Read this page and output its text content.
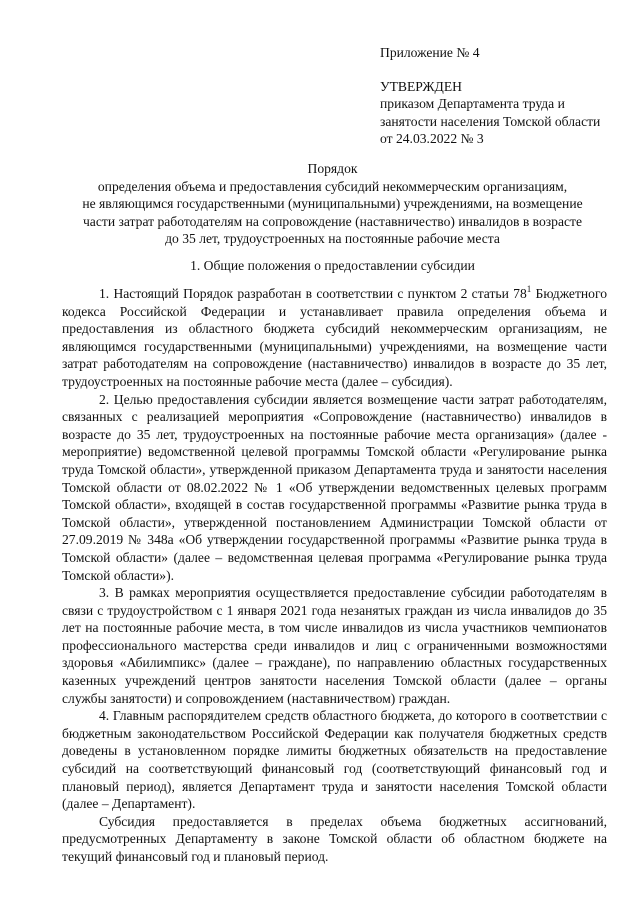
Приложение № 4
УТВЕРЖДЕН
приказом Департамента труда и
занятости населения Томской области
от 24.03.2022 № 3
Порядок
определения объема и предоставления субсидий некоммерческим организациям,
не являющимся государственными (муниципальными) учреждениями, на возмещение
части затрат работодателям на сопровождение (наставничество) инвалидов в возрасте
до 35 лет, трудоустроенных на постоянные рабочие места
1. Общие положения о предоставлении субсидии

1. Настоящий Порядок разработан в соответствии с пунктом 2 статьи $78^1$ Бюджетного кодекса Российской Федерации и устанавливает правила определения объема и предоставления из областного бюджета субсидий некоммерческим организациям, не являющимся государственными (муниципальными) учреждениями, на возмещение части затрат работодателям на сопровождение (наставничество) инвалидов в возрасте до 35 лет, трудоустроенных на постоянные рабочие места (далее – субсидия).

2. Целью предоставления субсидии является возмещение части затрат работодателям, связанных с реализацией мероприятия «Сопровождение (наставничество) инвалидов в возрасте до 35 лет, трудоустроенных на постоянные рабочие места организация» (далее - мероприятие) ведомственной целевой программы Томской области «Регулирование рынка труда Томской области», утвержденной приказом Департамента труда и занятости населения Томской области от 08.02.2022 № 1 «Об утверждении ведомственных целевых программ Томской области», входящей в состав государственной программы «Развитие рынка труда в Томской области», утвержденной постановлением Администрации Томской области от 27.09.2019 № 348а «Об утверждении государственной программы «Развитие рынка труда в Томской области» (далее – ведомственная целевая программа «Регулирование рынка труда Томской области»).

3. В рамках мероприятия осуществляется предоставление субсидии работодателям в связи с трудоустройством с 1 января 2021 года незанятых граждан из числа инвалидов до 35 лет на постоянные рабочие места, в том числе инвалидов из числа участников чемпионатов профессионального мастерства среди инвалидов и лиц с ограниченными возможностями здоровья «Абилимпикс» (далее – граждане), по направлению областных государственных казенных учреждений центров занятости населения Томской области (далее – органы службы занятости) и сопровождением (наставничеством) граждан.

4. Главным распорядителем средств областного бюджета, до которого в соответствии с бюджетным законодательством Российской Федерации как получателя бюджетных средств доведены в установленном порядке лимиты бюджетных обязательств на предоставление субсидий на соответствующий финансовый год (соответствующий финансовый год и плановый период), является Департамент труда и занятости населения Томской области (далее – Департамент).

Субсидия предоставляется в пределах объема бюджетных ассигнований, предусмотренных Департаменту в законе Томской области об областном бюджете на текущий финансовый год и плановый период.
